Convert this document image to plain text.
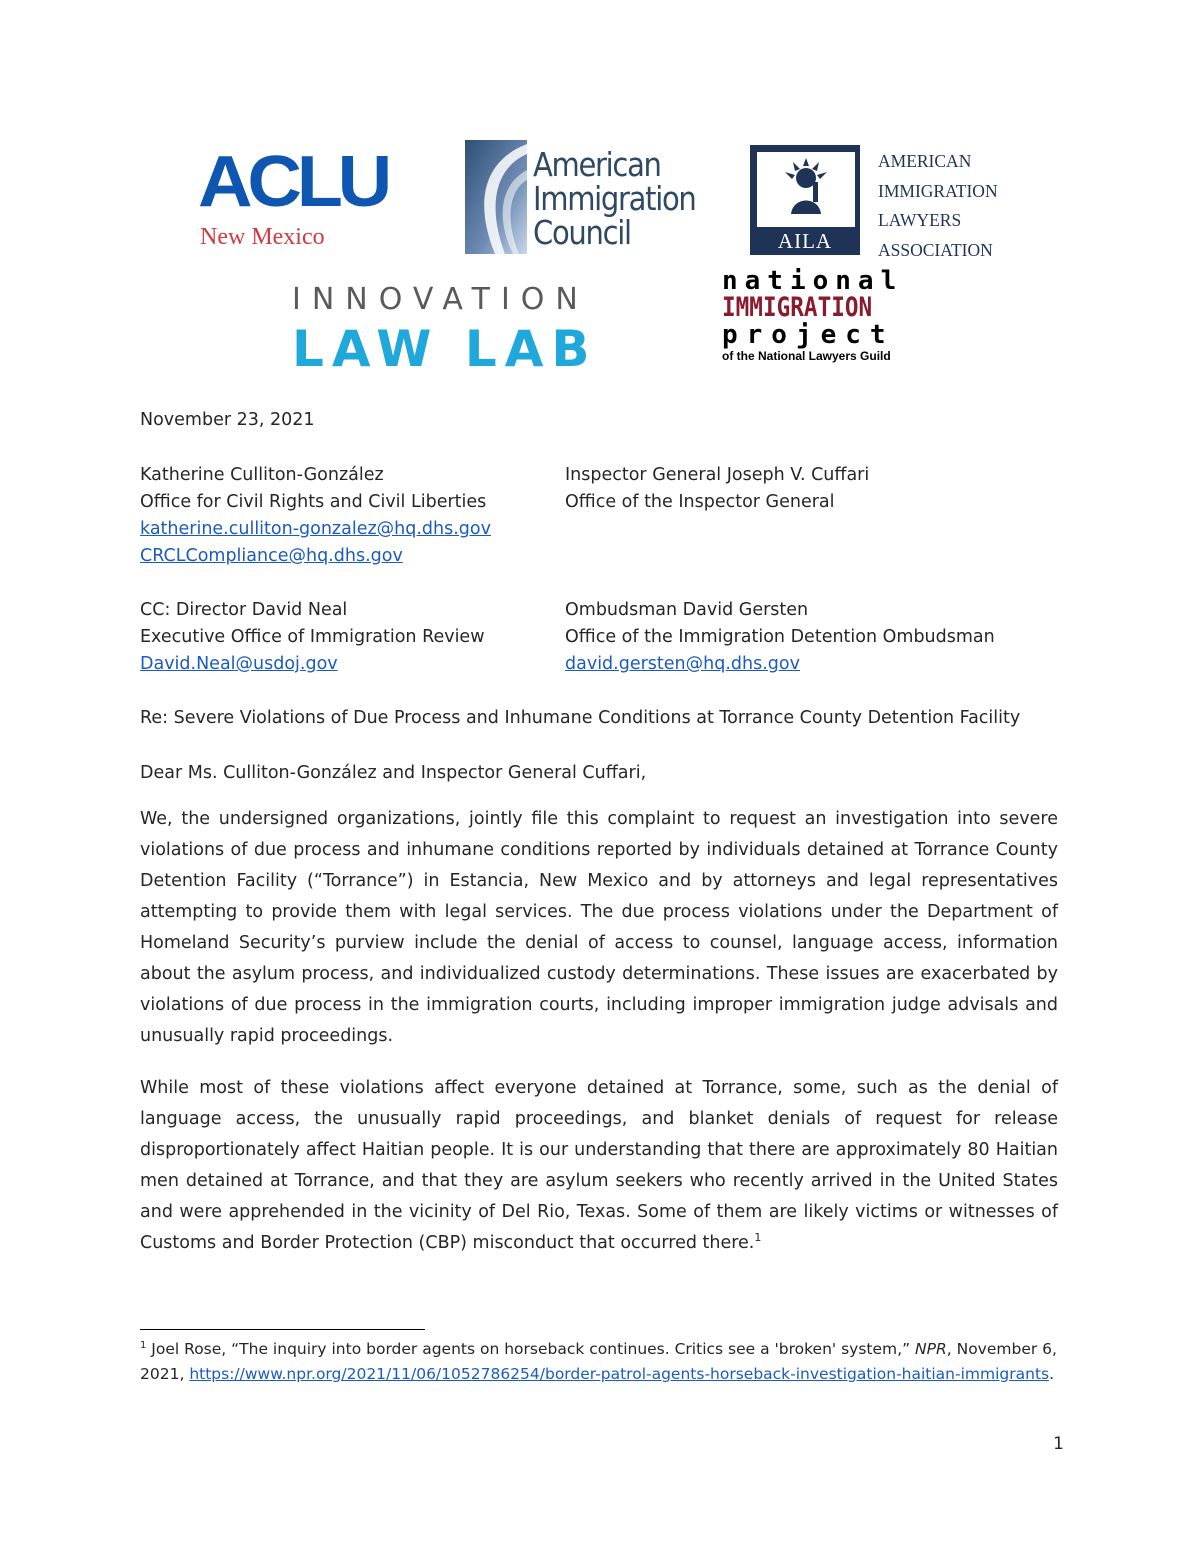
ACLU
New Mexico
American
Immigration
Council	AILA
AMERICAN
IMMIGRATION
LAWYERS
ASSOCIATION
INNOVATION
LAW LAB
national
IMMIGRATION
project
of the National Lawyers Guild
November 23, 2021
Katherine Culliton-González
Office for Civil Rights and Civil Liberties
katherine.culliton-gonzalez@hq.dhs.gov
CRCLCompliance@hq.dhs.gov
Inspector General Joseph V. Cuffari
Office of the Inspector General
CC: Director David Neal
Executive Office of Immigration Review
David.Neal@usdoj.gov
Ombudsman David Gersten
Office of the Immigration Detention Ombudsman
david.gersten@hq.dhs.gov
Re: Severe Violations of Due Process and Inhumane Conditions at Torrance County Detention Facility
Dear Ms. Culliton-González and Inspector General Cuffari,
We, the undersigned organizations, jointly file this complaint to request an investigation into severe violations of due process and inhumane conditions reported by individuals detained at Torrance County Detention Facility (“Torrance”) in Estancia, New Mexico and by attorneys and legal representatives attempting to provide them with legal services. The due process violations under the Department of Homeland Security’s purview include the denial of access to counsel, language access, information about the asylum process, and individualized custody determinations. These issues are exacerbated by violations of due process in the immigration courts, including improper immigration judge advisals and unusually rapid proceedings.
While most of these violations affect everyone detained at Torrance, some, such as the denial of language access, the unusually rapid proceedings, and blanket denials of request for release disproportionately affect Haitian people. It is our understanding that there are approximately 80 Haitian men detained at Torrance, and that they are asylum seekers who recently arrived in the United States and were apprehended in the vicinity of Del Rio, Texas. Some of them are likely victims or witnesses of Customs and Border Protection (CBP) misconduct that occurred there.$^1$
$^1$ Joel Rose, “The inquiry into border agents on horseback continues. Critics see a 'broken' system,” NPR, November 6, 2021, https://www.npr.org/2021/11/06/1052786254/border-patrol-agents-horseback-investigation-haitian-immigrants.
1
